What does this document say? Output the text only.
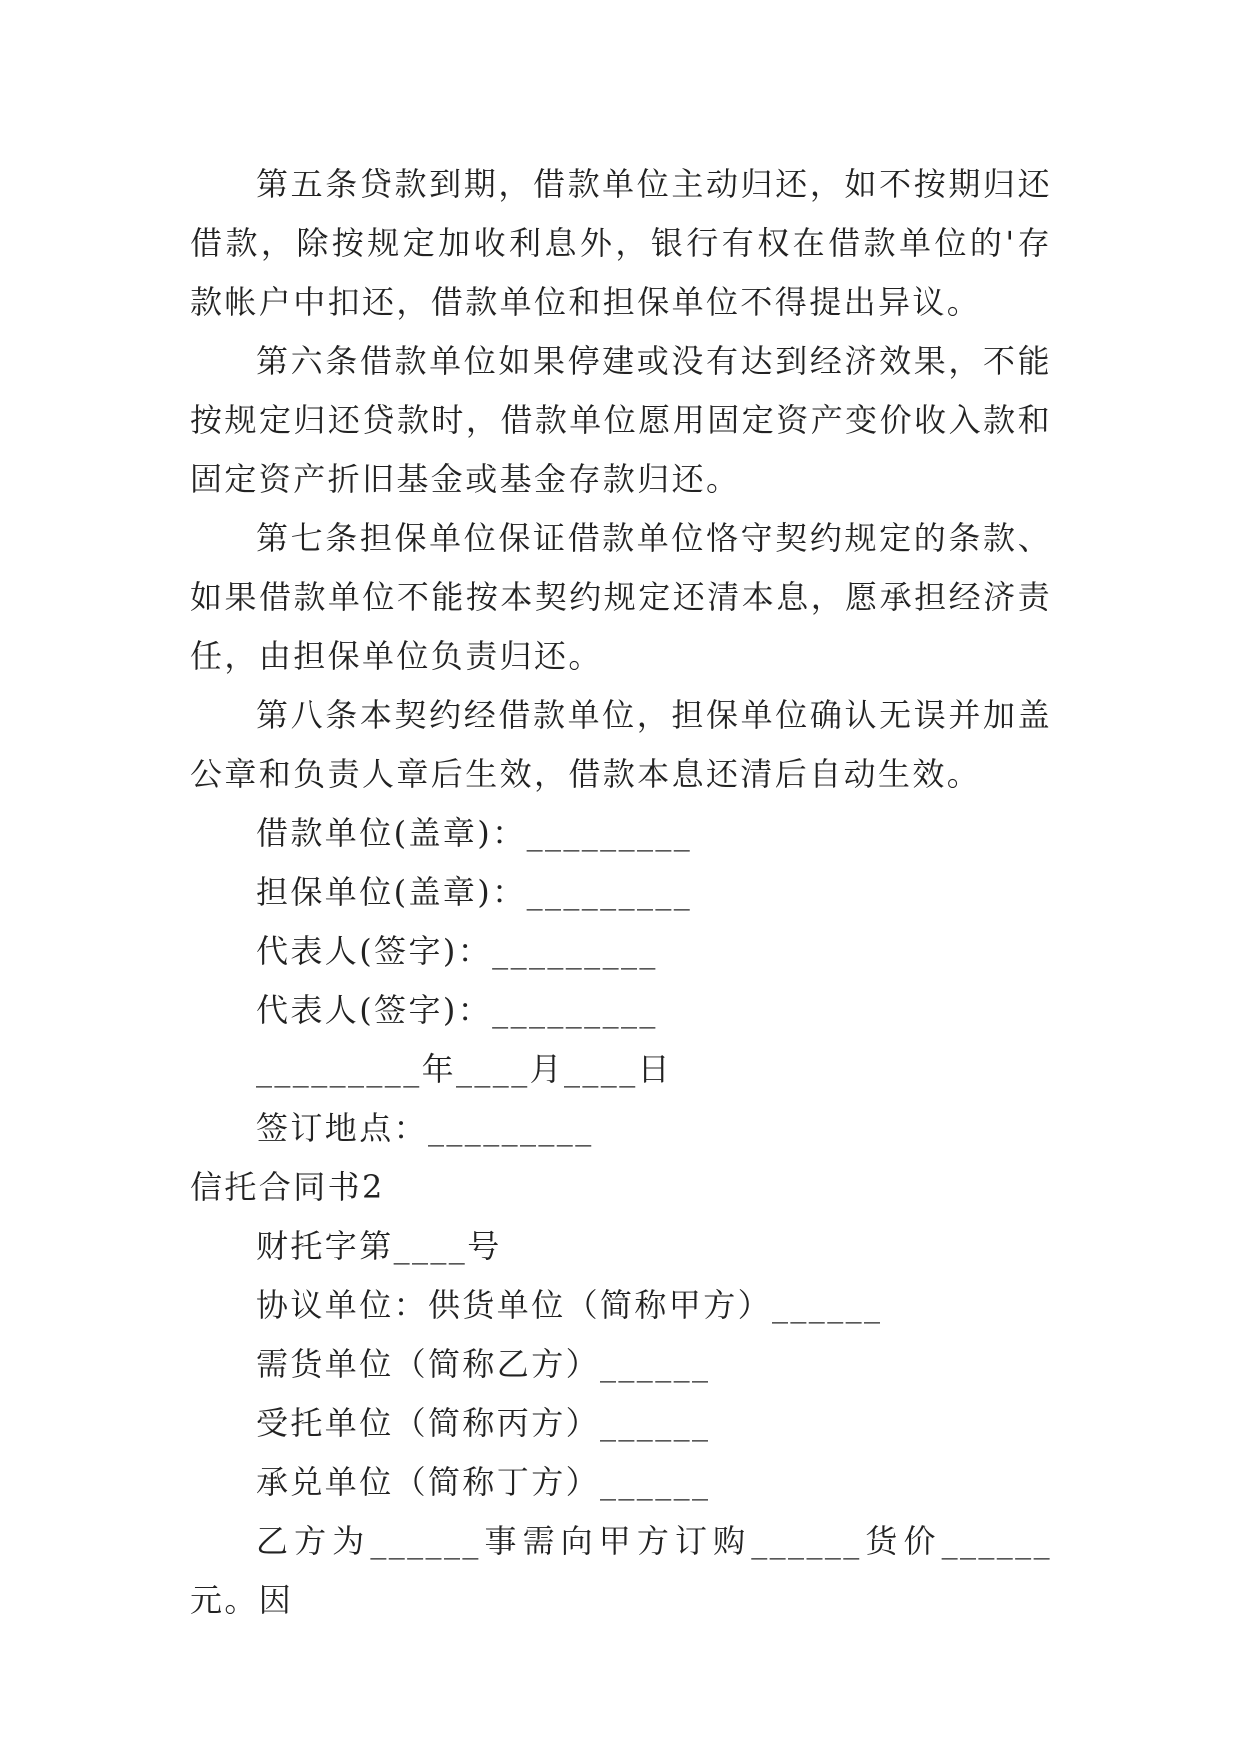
第五条贷款到期，借款单位主动归还，如不按期归还借款，除按规定加收利息外，银行有权在借款单位的'存款帐户中扣还，借款单位和担保单位不得提出异议。

第六条借款单位如果停建或没有达到经济效果，不能按规定归还贷款时，借款单位愿用固定资产变价收入款和固定资产折旧基金或基金存款归还。

第七条担保单位保证借款单位恪守契约规定的条款、如果借款单位不能按本契约规定还清本息，愿承担经济责任，由担保单位负责归还。

第八条本契约经借款单位，担保单位确认无误并加盖公章和负责人章后生效，借款本息还清后自动生效。

借款单位(盖章)：_________

担保单位(盖章)：_________

代表人(签字)：_________

代表人(签字)：_________

_________年____月____日

签订地点：_________

信托合同书2

财托字第____号

协议单位：供货单位（简称甲方）______

需货单位（简称乙方）______

受托单位（简称丙方）______

承兑单位（简称丁方）______

乙方为______事需向甲方订购______货价______元。因
